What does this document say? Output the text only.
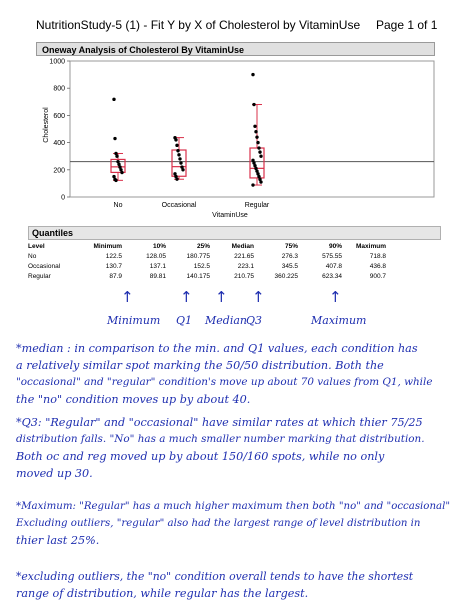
NutritionStudy-5 (1) - Fit Y by X of Cholesterol by VitaminUse Page 1 of 1
Oneway Analysis of Cholesterol By VitaminUse
0
200
400
600
800
1000
No	Occasional	Regular
VitaminUse
Cholesterol
Quantiles
Level	Minimum	10%	25%	Median	75%	90%	Maximum
No	122.5	128.05	180.775	221.65	276.3	575.55	718.8
Occasional	130.7	137.1	152.5	223.1	345.5	407.8	436.8
Regular	87.9	89.81	140.175	210.75	360.225	623.34	900.7
↑	↑ ↑ ↑	↑
Minimum Q1 Median Q3	Maximum
*median : in comparison to the min. and Q1 values, each condition has
a relatively similar spot marking the 50/50 distribution. Both the
"occasional" and "regular" condition's move up about 70 values from Q1, while
the "no" condition moves up by about 40.
*Q3: "Regular" and "occasional" have similar rates at which thier 75/25
distribution falls. "No" has a much smaller number marking that distribution.
Both oc and reg moved up by about 150/160 spots, while no only
moved up 30.
*Maximum: "Regular" has a much higher maximum then both "no" and "occasional"
Excluding outliers, "regular" also had the largest range of level distribution in
thier last 25%.
*excluding outliers, the "no" condition overall tends to have the shortest
range of distribution, while regular has the largest.
